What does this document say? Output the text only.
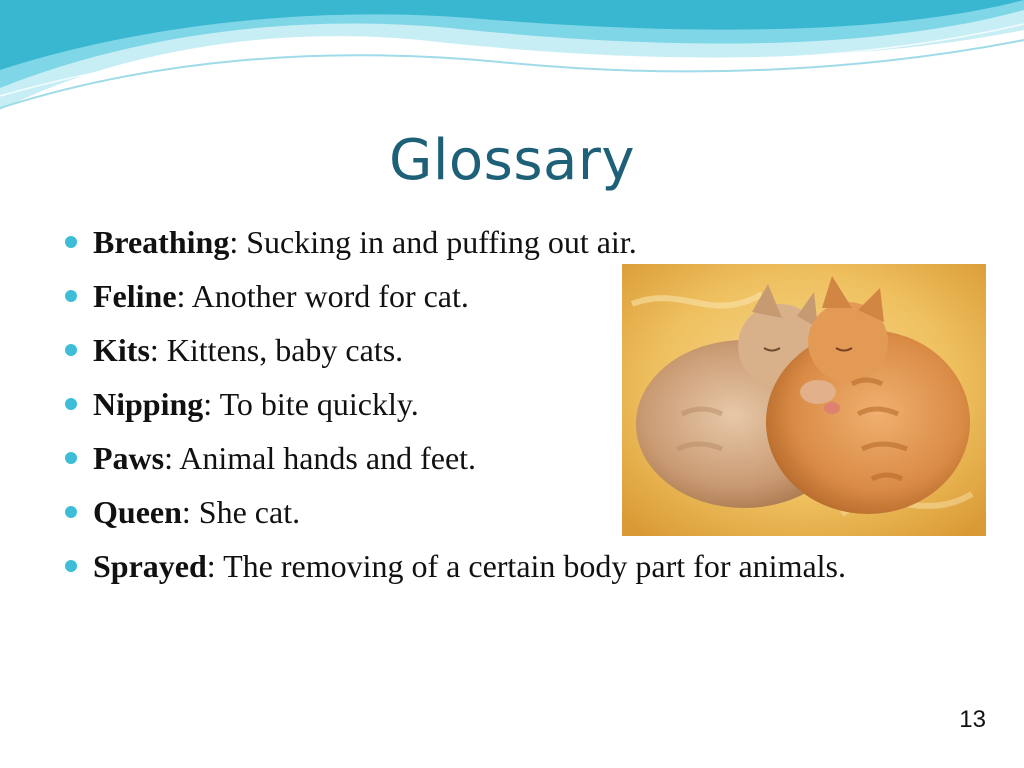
Glossary
Breathing: Sucking in and puffing out air.
Feline: Another word for cat.
Kits: Kittens, baby cats.
Nipping: To bite quickly.
Paws: Animal hands and feet.
Queen: She cat.
Sprayed: The removing of a certain body part for animals.
13
